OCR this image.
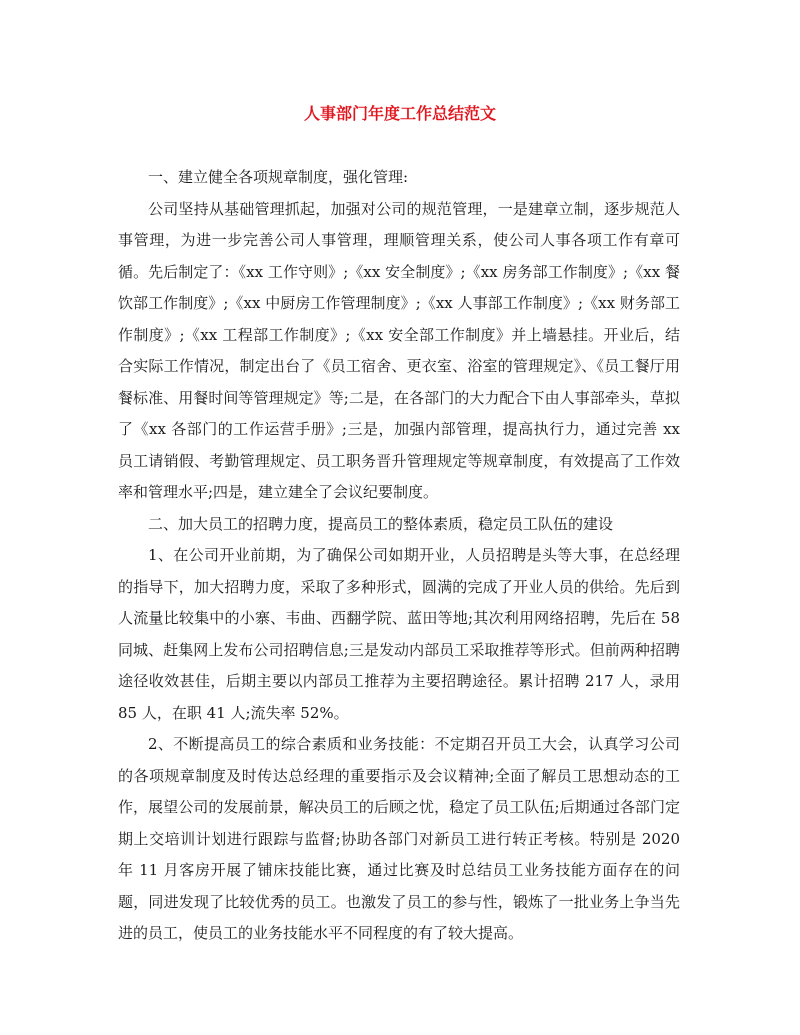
人事部门年度工作总结范文

一、建立健全各项规章制度，强化管理:

公司坚持从基础管理抓起，加强对公司的规范管理，一是建章立制，逐步规范人事管理，为进一步完善公司人事管理，理顺管理关系，使公司人事各项工作有章可循。先后制定了：《xx 工作守则》;《xx 安全制度》;《xx 房务部工作制度》;《xx 餐饮部工作制度》;《xx 中厨房工作管理制度》;《xx 人事部工作制度》;《xx 财务部工作制度》;《xx 工程部工作制度》;《xx 安全部工作制度》并上墙悬挂。开业后，结合实际工作情况，制定出台了《员工宿舍、更衣室、浴室的管理规定》、《员工餐厅用餐标准、用餐时间等管理规定》等;二是，在各部门的大力配合下由人事部牵头，草拟了《xx 各部门的工作运营手册》;三是，加强内部管理，提高执行力，通过完善 xx 员工请销假、考勤管理规定、员工职务晋升管理规定等规章制度，有效提高了工作效率和管理水平;四是，建立建全了会议纪要制度。

二、加大员工的招聘力度，提高员工的整体素质，稳定员工队伍的建设

1、在公司开业前期，为了确保公司如期开业，人员招聘是头等大事，在总经理的指导下，加大招聘力度，采取了多种形式，圆满的完成了开业人员的供给。先后到人流量比较集中的小寨、韦曲、西翻学院、蓝田等地;其次利用网络招聘，先后在 58 同城、赶集网上发布公司招聘信息;三是发动内部员工采取推荐等形式。但前两种招聘途径收效甚佳，后期主要以内部员工推荐为主要招聘途径。累计招聘 217 人，录用 85 人，在职 41 人;流失率 52%。

2、不断提高员工的综合素质和业务技能：不定期召开员工大会，认真学习公司的各项规章制度及时传达总经理的重要指示及会议精神;全面了解员工思想动态的工作，展望公司的发展前景，解决员工的后顾之忧，稳定了员工队伍;后期通过各部门定期上交培训计划进行跟踪与监督;协助各部门对新员工进行转正考核。特别是 2020 年 11 月客房开展了铺床技能比赛，通过比赛及时总结员工业务技能方面存在的问题，同进发现了比较优秀的员工。也激发了员工的参与性，锻炼了一批业务上争当先进的员工，使员工的业务技能水平不同程度的有了较大提高。
